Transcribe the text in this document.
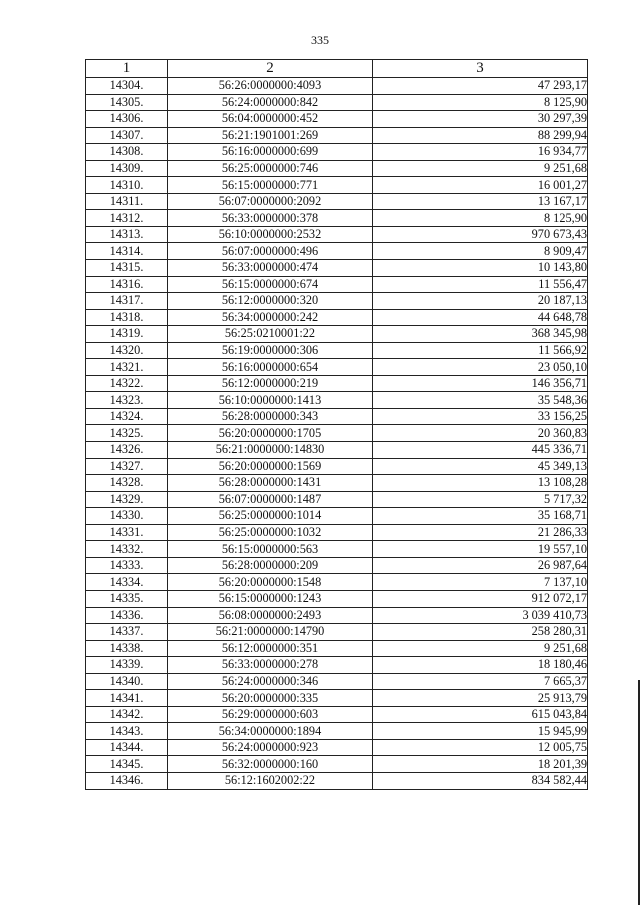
335
1	2	3
14304.	56:26:0000000:4093	47 293,17
14305.	56:24:0000000:842	8 125,90
14306.	56:04:0000000:452	30 297,39
14307.	56:21:1901001:269	88 299,94
14308.	56:16:0000000:699	16 934,77
14309.	56:25:0000000:746	9 251,68
14310.	56:15:0000000:771	16 001,27
14311.	56:07:0000000:2092	13 167,17
14312.	56:33:0000000:378	8 125,90
14313.	56:10:0000000:2532	970 673,43
14314.	56:07:0000000:496	8 909,47
14315.	56:33:0000000:474	10 143,80
14316.	56:15:0000000:674	11 556,47
14317.	56:12:0000000:320	20 187,13
14318.	56:34:0000000:242	44 648,78
14319.	56:25:0210001:22	368 345,98
14320.	56:19:0000000:306	11 566,92
14321.	56:16:0000000:654	23 050,10
14322.	56:12:0000000:219	146 356,71
14323.	56:10:0000000:1413	35 548,36
14324.	56:28:0000000:343	33 156,25
14325.	56:20:0000000:1705	20 360,83
14326.	56:21:0000000:14830	445 336,71
14327.	56:20:0000000:1569	45 349,13
14328.	56:28:0000000:1431	13 108,28
14329.	56:07:0000000:1487	5 717,32
14330.	56:25:0000000:1014	35 168,71
14331.	56:25:0000000:1032	21 286,33
14332.	56:15:0000000:563	19 557,10
14333.	56:28:0000000:209	26 987,64
14334.	56:20:0000000:1548	7 137,10
14335.	56:15:0000000:1243	912 072,17
14336.	56:08:0000000:2493	3 039 410,73
14337.	56:21:0000000:14790	258 280,31
14338.	56:12:0000000:351	9 251,68
14339.	56:33:0000000:278	18 180,46
14340.	56:24:0000000:346	7 665,37
14341.	56:20:0000000:335	25 913,79
14342.	56:29:0000000:603	615 043,84
14343.	56:34:0000000:1894	15 945,99
14344.	56:24:0000000:923	12 005,75
14345.	56:32:0000000:160	18 201,39
14346.	56:12:1602002:22	834 582,44
